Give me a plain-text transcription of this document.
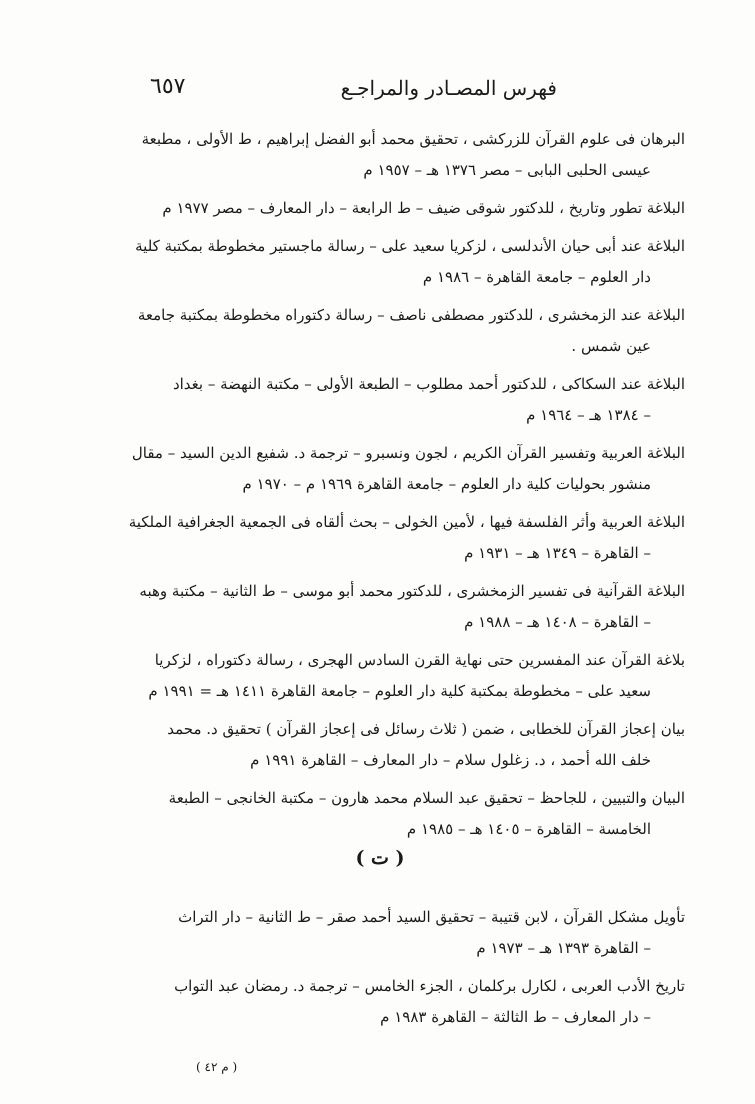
فهرس المصـادر والمراجـع
٦٥٧
البرهان فى علوم القرآن للزركشى ، تحقيق محمد أبو الفضل إبراهيم ، ط الأولى ، مطبعة
عيسى الحلبى البابى – مصر ١٣٧٦ هـ – ١٩٥٧ م
البلاغة تطور وتاريخ ، للدكتور شوقى ضيف – ط الرابعة – دار المعارف – مصر ١٩٧٧ م
البلاغة عند أبى حيان الأندلسى ، لزكريا سعيد على – رسالة ماجستير مخطوطة بمكتبة كلية
دار العلوم – جامعة القاهرة – ١٩٨٦ م
البلاغة عند الزمخشرى ، للدكتور مصطفى ناصف – رسالة دكتوراه مخطوطة بمكتبة جامعة
عين شمس .
البلاغة عند السكاكى ، للدكتور أحمد مطلوب – الطبعة الأولى – مكتبة النهضة – بغداد
– ١٣٨٤ هـ – ١٩٦٤ م
البلاغة العربية وتفسير القرآن الكريم ، لجون ونسبرو – ترجمة د. شفيع الدين السيد – مقال
منشور بحوليات كلية دار العلوم – جامعة القاهرة ١٩٦٩ م – ١٩٧٠ م
البلاغة العربية وأثر الفلسفة فيها ، لأمين الخولى – بحث ألقاه فى الجمعية الجغرافية الملكية
– القاهرة – ١٣٤٩ هـ – ١٩٣١ م
البلاغة القرآنية فى تفسير الزمخشرى ، للدكتور محمد أبو موسى – ط الثانية – مكتبة وهبه
– القاهرة – ١٤٠٨ هـ – ١٩٨٨ م
بلاغة القرآن عند المفسرين حتى نهاية القرن السادس الهجرى ، رسالة دكتوراه ، لزكريا
سعيد على – مخطوطة بمكتبة كلية دار العلوم – جامعة القاهرة ١٤١١ هـ = ١٩٩١ م
بيان إعجاز القرآن للخطابى ، ضمن ( ثلاث رسائل فى إعجاز القرآن ) تحقيق د. محمد
خلف الله أحمد ، د. زغلول سلام – دار المعارف – القاهرة ١٩٩١ م
البيان والتبيين ، للجاحظ – تحقيق عبد السلام محمد هارون – مكتبة الخانجى – الطبعة
الخامسة – القاهرة – ١٤٠٥ هـ – ١٩٨٥ م
( ت )
تأويل مشكل القرآن ، لابن قتيبة – تحقيق السيد أحمد صقر – ط الثانية – دار التراث
– القاهرة ١٣٩٣ هـ – ١٩٧٣ م
تاريخ الأدب العربى ، لكارل بركلمان ، الجزء الخامس – ترجمة د. رمضان عبد التواب
– دار المعارف – ط الثالثة – القاهرة ١٩٨٣ م
( م ٤٢ )
